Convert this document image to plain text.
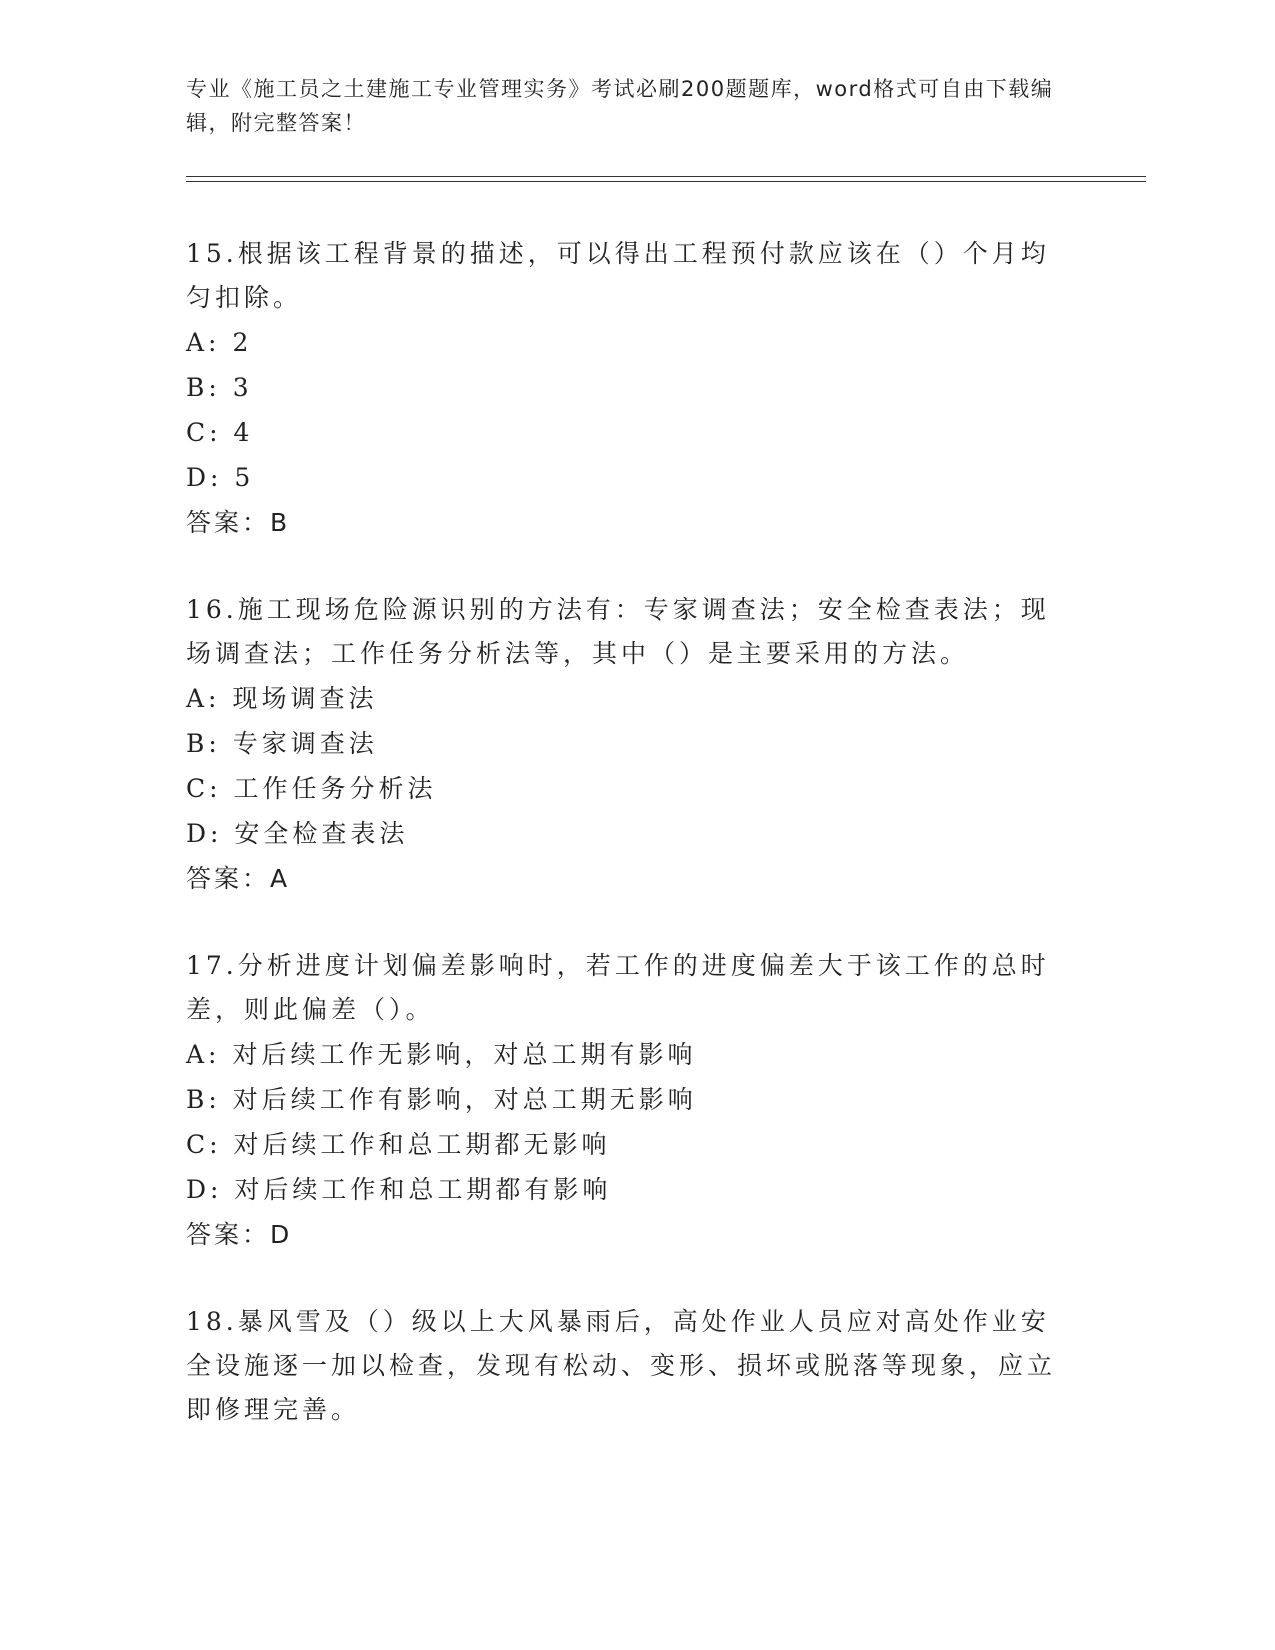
专业《施工员之土建施工专业管理实务》考试必刷200题题库，word格式可自由下载编辑，附完整答案！
15.根据该工程背景的描述，可以得出工程预付款应该在（）个月均匀扣除。
A: 2
B: 3
C: 4
D: 5
答案：B
16.施工现场危险源识别的方法有：专家调查法；安全检查表法；现场调查法；工作任务分析法等，其中（）是主要采用的方法。
A: 现场调查法
B: 专家调查法
C: 工作任务分析法
D: 安全检查表法
答案：A
17.分析进度计划偏差影响时，若工作的进度偏差大于该工作的总时差，则此偏差（）。
A: 对后续工作无影响，对总工期有影响
B: 对后续工作有影响，对总工期无影响
C: 对后续工作和总工期都无影响
D: 对后续工作和总工期都有影响
答案：D
18.暴风雪及（）级以上大风暴雨后，高处作业人员应对高处作业安全设施逐一加以检查，发现有松动、变形、损坏或脱落等现象，应立即修理完善。
